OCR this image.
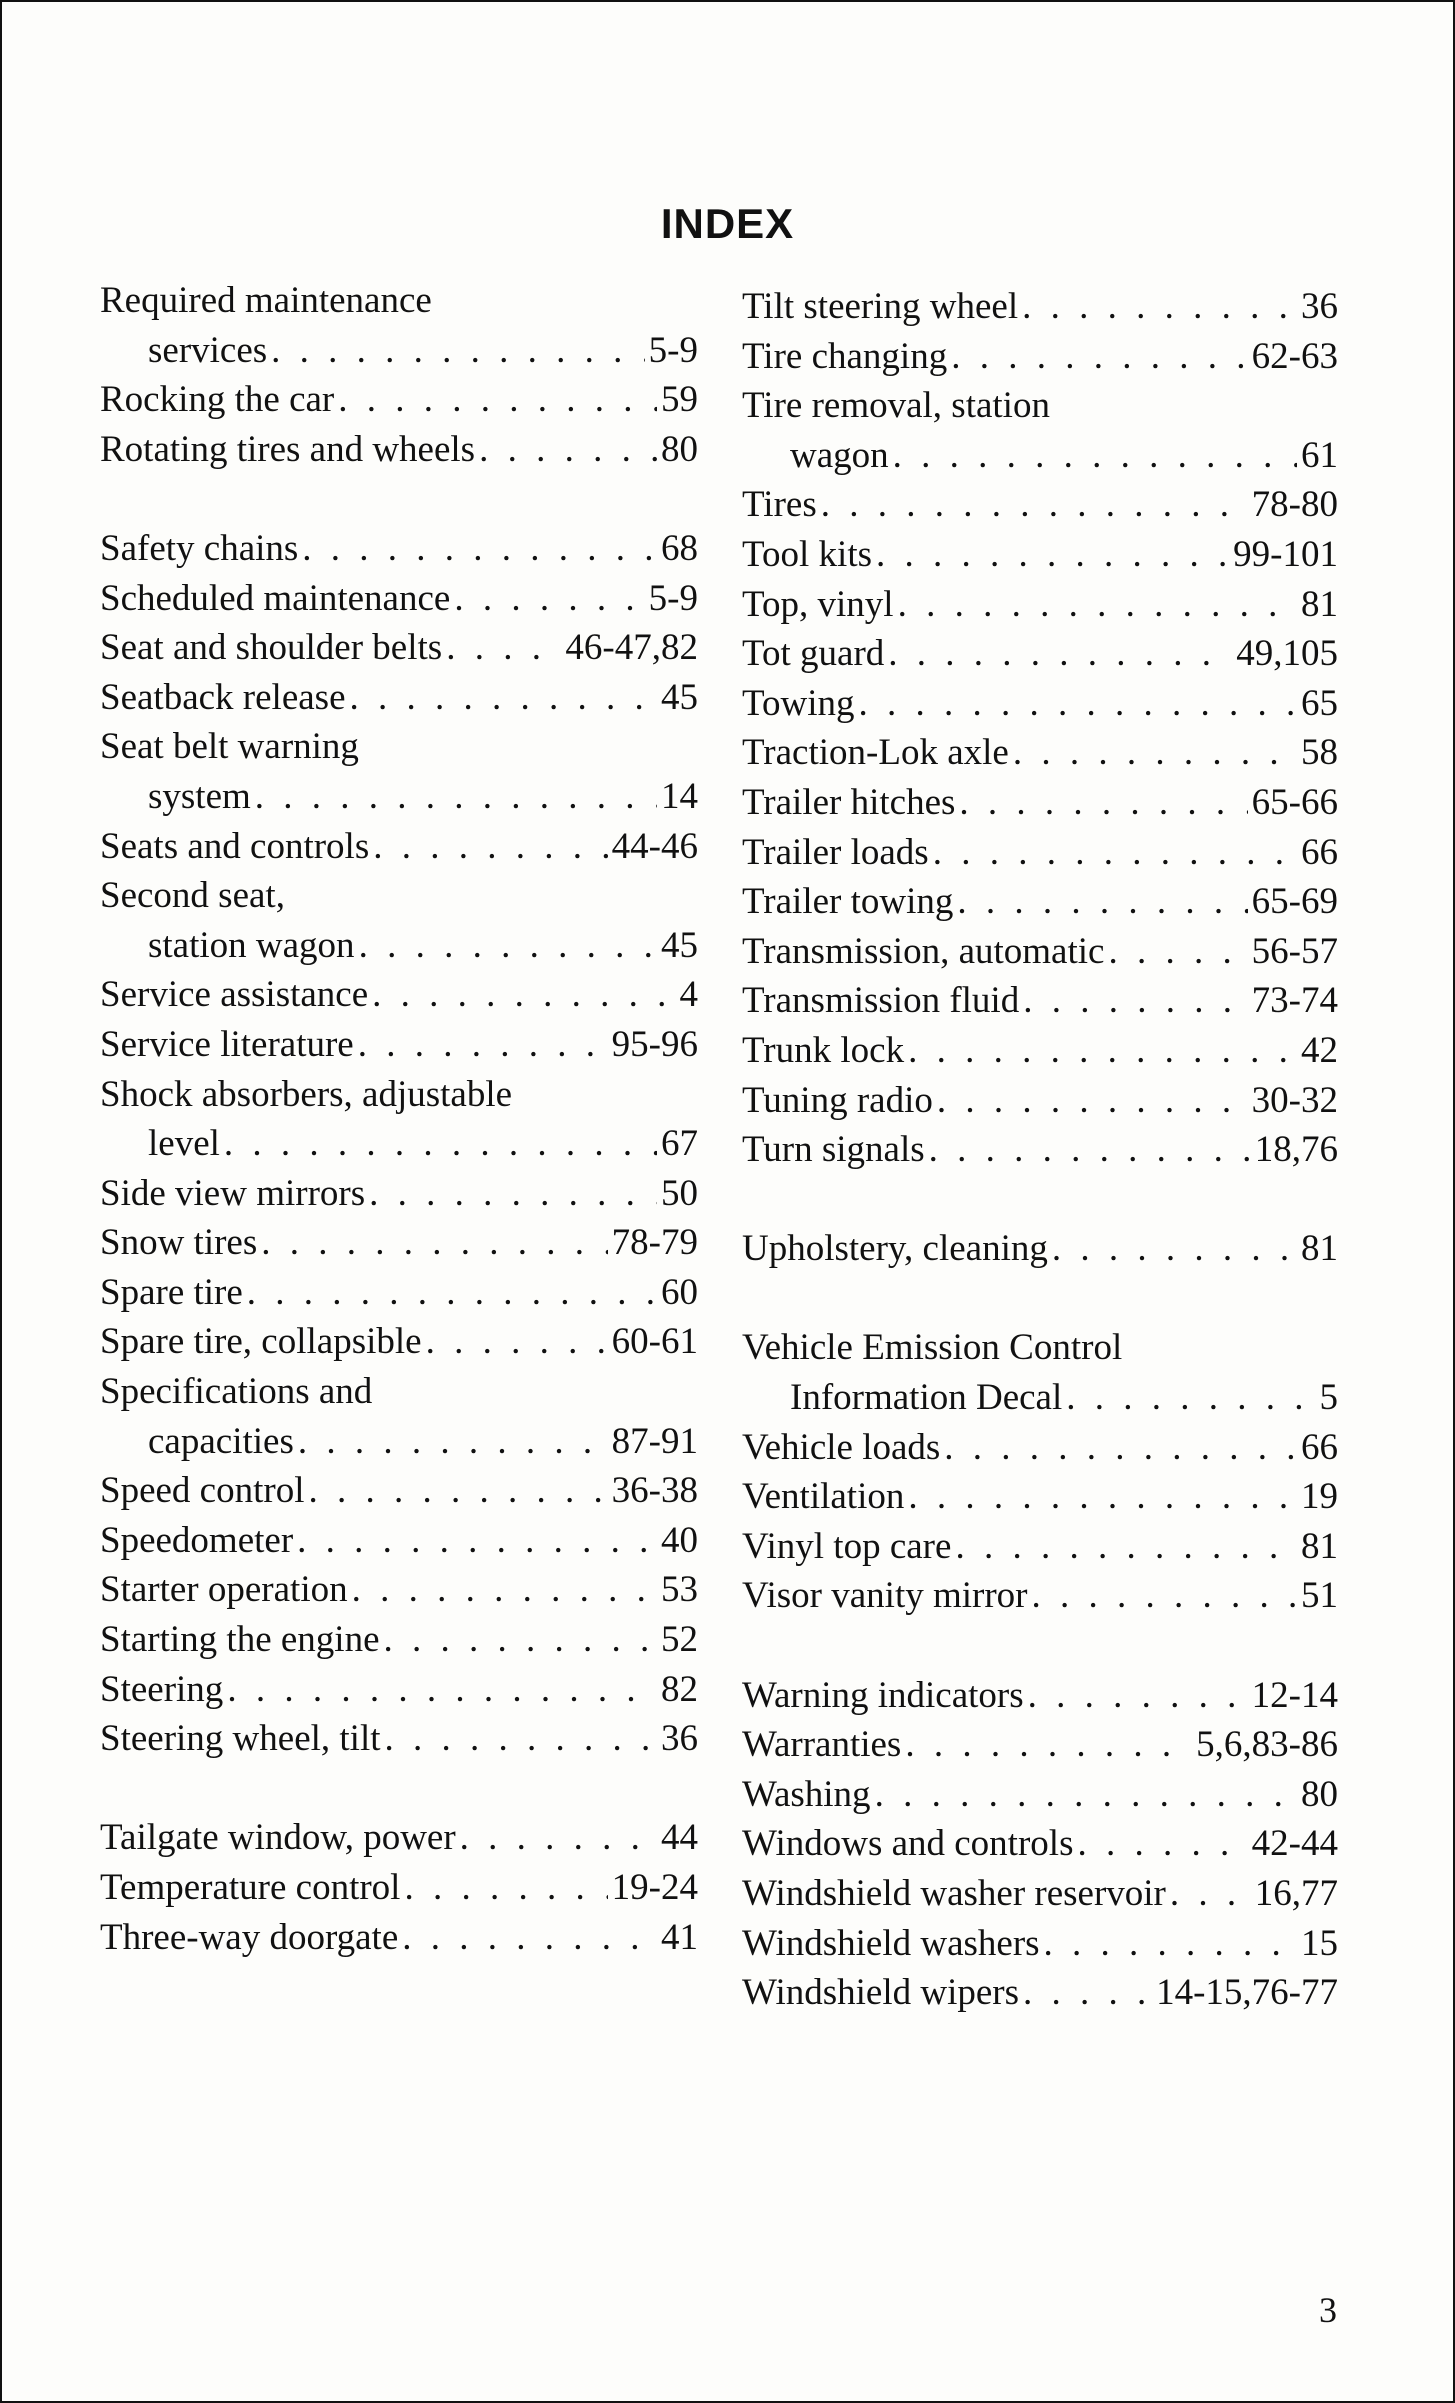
INDEX
Required maintenance
services . . .	5-9
Rocking the car . . .	59
Rotating tires and wheels . . .	80
Safety chains . . .	68
Scheduled maintenance . . .	5-9
Seat and shoulder belts . . .	46-47,82
Seatback release . . .	45
Seat belt warning
system . . .	14
Seats and controls . . .	44-46
Second seat,
station wagon . . .	45
Service assistance . . .	4
Service literature . . .	95-96
Shock absorbers, adjustable
level . . .	67
Side view mirrors . . .	50
Snow tires . . .	78-79
Spare tire . . .	60
Spare tire, collapsible . . .	60-61
Specifications and
capacities . . .	87-91
Speed control . . .	36-38
Speedometer . . .	40
Starter operation . . .	53
Starting the engine . . .	52
Steering . . .	82
Steering wheel, tilt . . .	36
Tailgate window, power . . .	44
Temperature control . . .	19-24
Three-way doorgate . . .	41
Tilt steering wheel . . .	36
Tire changing . . .	62-63
Tire removal, station
wagon . . .	61
Tires . . .	78-80
Tool kits . . .	99-101
Top, vinyl . . .	81
Tot guard . . .	49,105
Towing . . .	65
Traction-Lok axle . . .	58
Trailer hitches . . .	65-66
Trailer loads . . .	66
Trailer towing . . .	65-69
Transmission, automatic . . .	56-57
Transmission fluid . . .	73-74
Trunk lock . . .	42
Tuning radio . . .	30-32
Turn signals . . .	18,76
Upholstery, cleaning . . .	81
Vehicle Emission Control
Information Decal . . .	5
Vehicle loads . . .	66
Ventilation . . .	19
Vinyl top care . . .	81
Visor vanity mirror . . .	51
Warning indicators . . .	12-14
Warranties . . .	5,6,83-86
Washing . . .	80
Windows and controls . . .	42-44
Windshield washer reservoir . . . 16,77
Windshield washers . . .	15
Windshield wipers . . .	14-15,76-77
3
